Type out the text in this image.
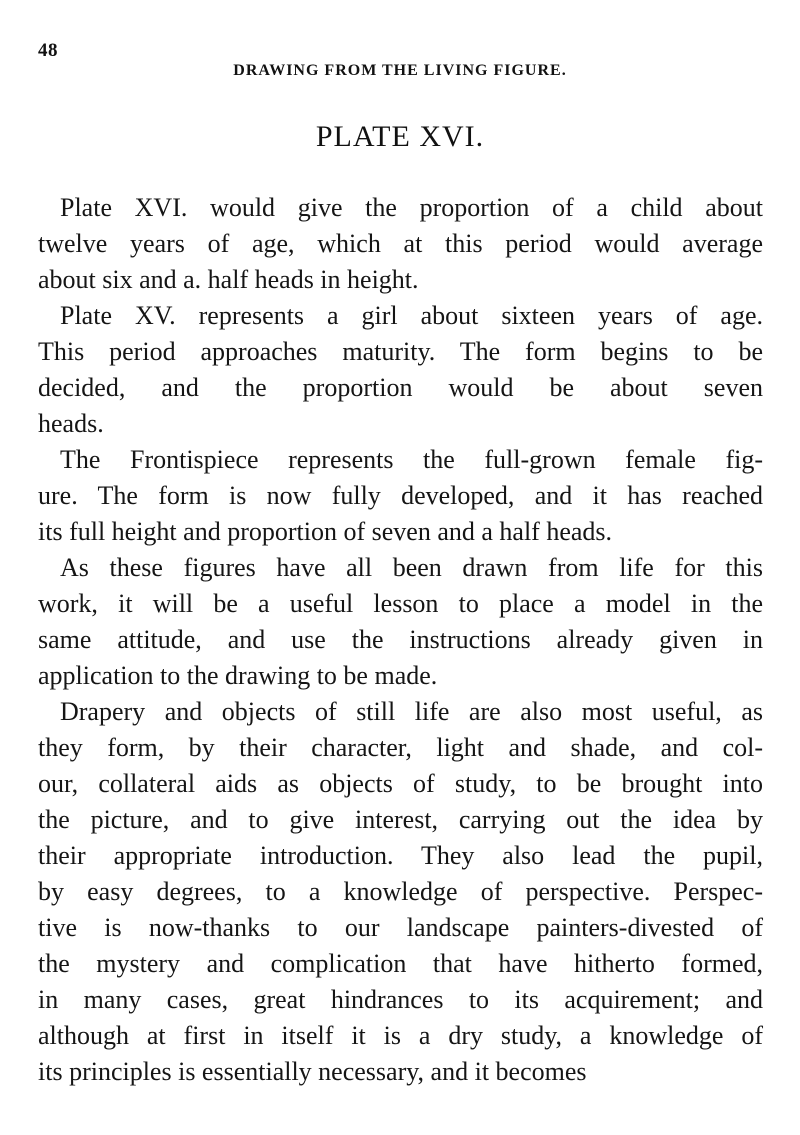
48
DRAWING FROM THE LIVING FIGURE.
PLATE XVI.
Plate XVI. would give the proportion of a child about
twelve years of age, which at this period would average
about six and a. half heads in height.
Plate XV. represents a girl about sixteen years of age.
This period approaches maturity. The form begins to be
decided, and the proportion would be about seven
heads.
The Frontispiece represents the full-grown female fig-
ure. The form is now fully developed, and it has reached
its full height and proportion of seven and a half heads.
As these figures have all been drawn from life for this
work, it will be a useful lesson to place a model in the
same attitude, and use the instructions already given in
application to the drawing to be made.
Drapery and objects of still life are also most useful, as
they form, by their character, light and shade, and col-
our, collateral aids as objects of study, to be brought into
the picture, and to give interest, carrying out the idea by
their appropriate introduction. They also lead the pupil,
by easy degrees, to a knowledge of perspective. Perspec-
tive is now-thanks to our landscape painters-divested of
the mystery and complication that have hitherto formed,
in many cases, great hindrances to its acquirement; and
although at first in itself it is a dry study, a knowledge of
its principles is essentially necessary, and it becomes
